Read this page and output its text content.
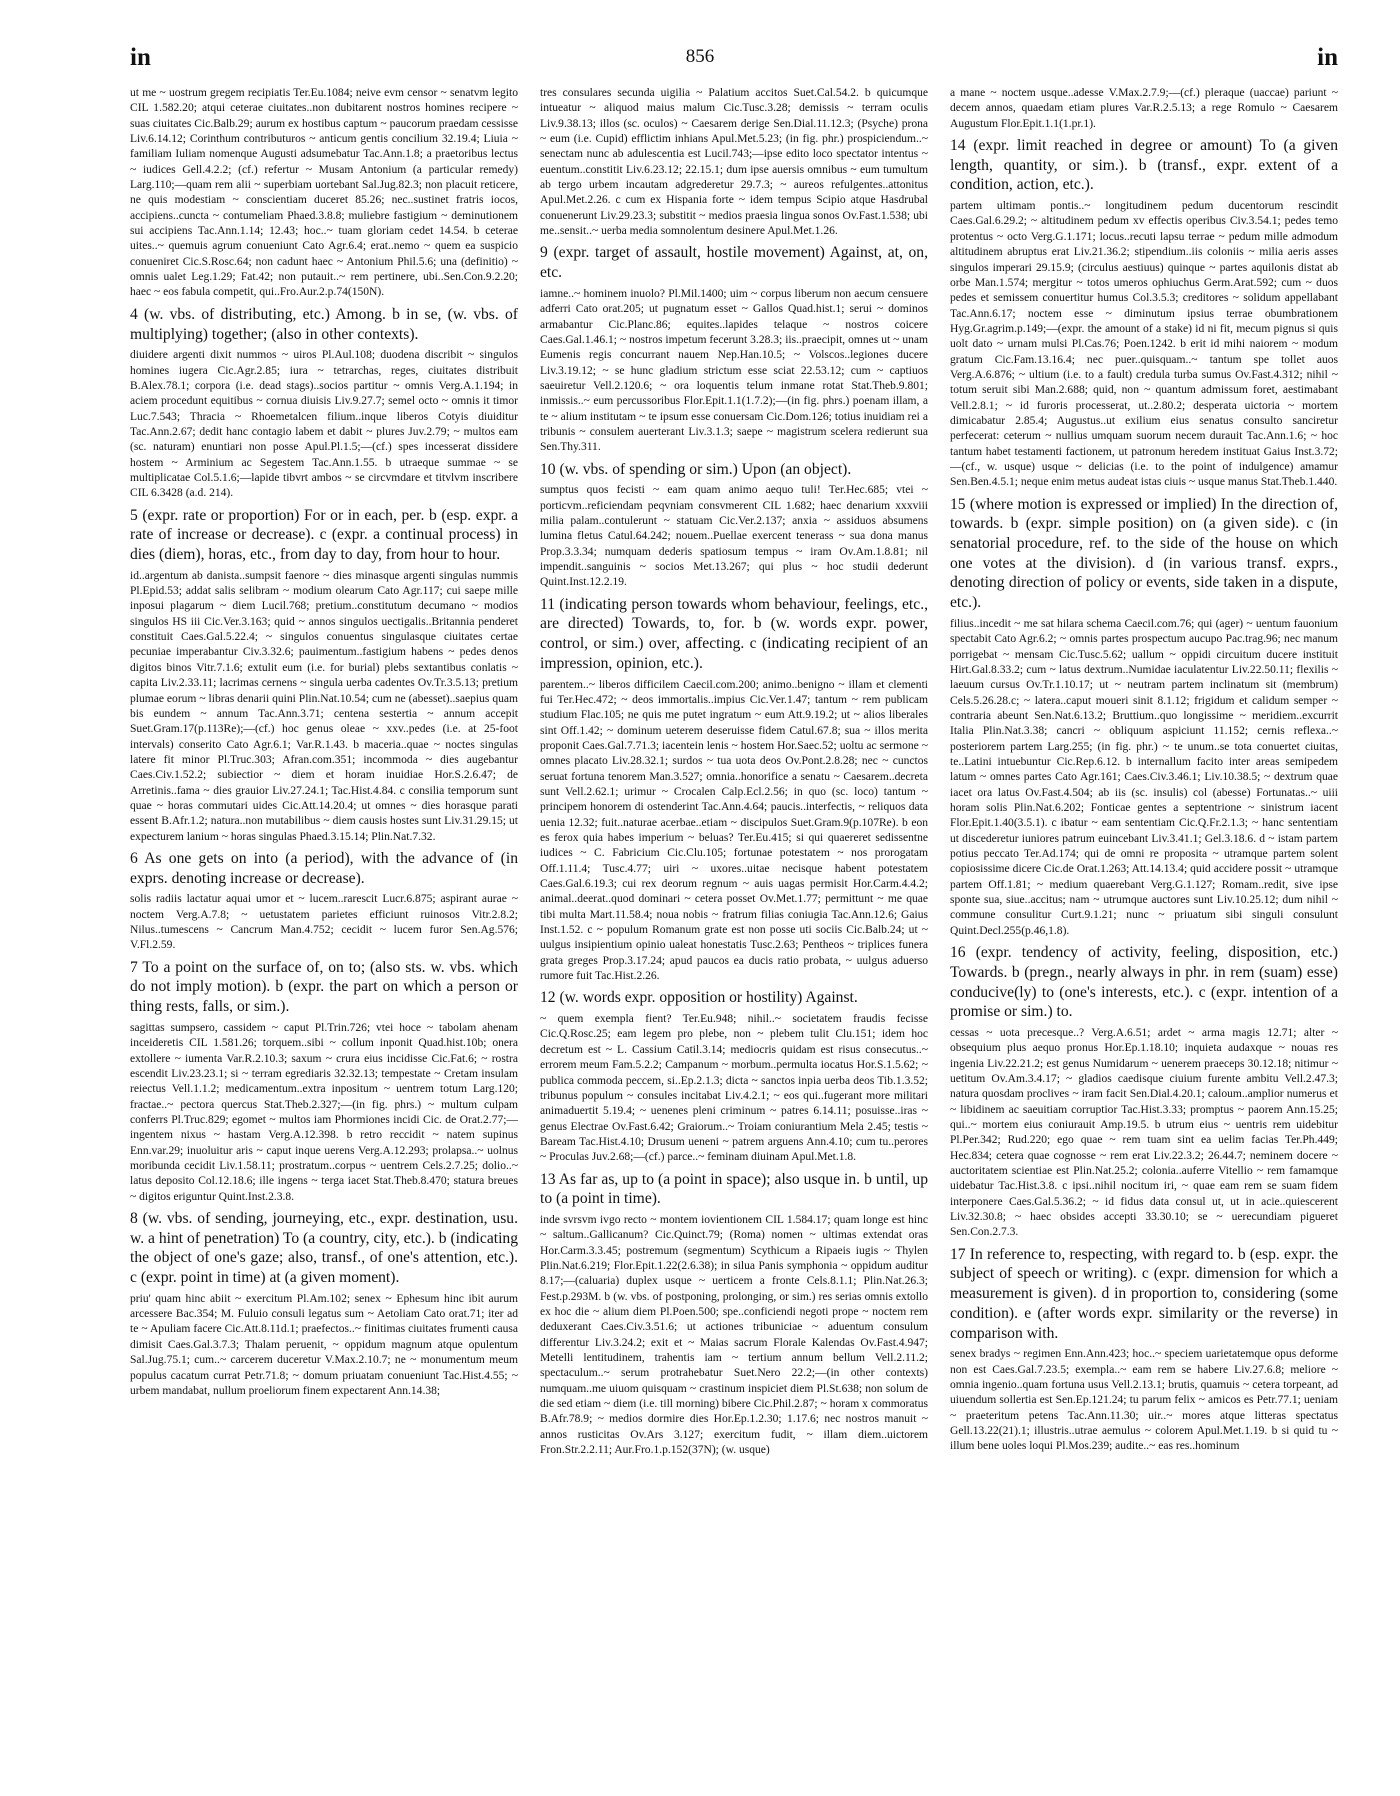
in	856	in

ut me ~ uostrum gregem recipiatis Ter.Eu.1084; neive evm censor ~ senatvm legito CIL 1.582.20; atqui ceterae ciuitates..non dubitarent nostros homines recipere ~ suas ciuitates Cic.Balb.29; aurum ex hostibus captum ~ paucorum praedam cessisse Liv.6.14.12; Corinthum contributuros ~ anticum gentis concilium 32.19.4; Liuia ~ familiam Iuliam nomenque Augusti adsumebatur Tac.Ann.1.8; a praetoribus lectus ~ iudices Gell.4.2.2; (cf.) refertur ~ Musam Antonium (a particular remedy) Larg.110;—quam rem alii ~ superbiam uortebant Sal.Jug.82.3; non placuit reticere, ne quis modestiam ~ conscientiam duceret 85.26; nec..sustinet fratris iocos, accipiens..cuncta ~ contumeliam Phaed.3.8.8; muliebre fastigium ~ deminutionem sui accipiens Tac.Ann.1.14; 12.43; hoc..~ tuam gloriam cedet 14.54. b ceterae uites..~ quemuis agrum conueniunt Cato Agr.6.4; erat..nemo ~ quem ea suspicio conueniret Cic.S.Rosc.64; non cadunt haec ~ Antonium Phil.5.6; una (definitio) ~ omnis ualet Leg.1.29; Fat.42; non putauit..~ rem pertinere, ubi..Sen.Con.9.2.20; haec ~ eos fabula competit, qui..Fro.Aur.2.p.74(150N).

4 (w. vbs. of distributing, etc.) Among. b in se, (w. vbs. of multiplying) together; (also in other contexts).

diuidere argenti dixit nummos ~ uiros Pl.Aul.108; duodena discribit ~ singulos homines iugera Cic.Agr.2.85; iura ~ tetrarchas, reges, ciuitates distribuit B.Alex.78.1; corpora (i.e. dead stags)..socios partitur ~ omnis Verg.A.1.194; in aciem procedunt equitibus ~ cornua diuisis Liv.9.27.7; semel octo ~ omnis it timor Luc.7.543; Thracia ~ Rhoemetalcen filium..inque liberos Cotyis diuiditur Tac.Ann.2.67; dedit hanc contagio labem et dabit ~ plures Juv.2.79; ~ multos eam (sc. naturam) enuntiari non posse Apul.Pl.1.5;—(cf.) spes incesserat dissidere hostem ~ Arminium ac Segestem Tac.Ann.1.55. b utraeque summae ~ se multiplicatae Col.5.1.6;—lapide tibvrt ambos ~ se circvmdare et titvlvm inscribere CIL 6.3428 (a.d. 214).

5 (expr. rate or proportion) For or in each, per. b (esp. expr. a rate of increase or decrease). c (expr. a continual process) in dies (diem), horas, etc., from day to day, from hour to hour.

id..argentum ab danista..sumpsit faenore ~ dies minasque argenti singulas nummis Pl.Epid.53; addat salis selibram ~ modium olearum Cato Agr.117; cui saepe mille inposui plagarum ~ diem Lucil.768; pretium..constitutum decumano ~ modios singulos HS iii Cic.Ver.3.163; quid ~ annos singulos uectigalis..Britannia penderet constituit Caes.Gal.5.22.4; ~ singulos conuentus singulasque ciuitates certae pecuniae imperabantur Civ.3.32.6; pauimentum..fastigium habens ~ pedes denos digitos binos Vitr.7.1.6; extulit eum (i.e. for burial) plebs sextantibus conlatis ~ capita Liv.2.33.11; lacrimas cernens ~ singula uerba cadentes Ov.Tr.3.5.13; pretium plumae eorum ~ libras denarii quini Plin.Nat.10.54; cum ne (abesset)..saepius quam bis eundem ~ annum Tac.Ann.3.71; centena sestertia ~ annum accepit Suet.Gram.17(p.113Re);—(cf.) hoc genus oleae ~ xxv..pedes (i.e. at 25-foot intervals) conserito Cato Agr.6.1; Var.R.1.43. b maceria..quae ~ noctes singulas latere fit minor Pl.Truc.303; Afran.com.351; incommoda ~ dies augebantur Caes.Civ.1.52.2; subiectior ~ diem et horam inuidiae Hor.S.2.6.47; de Arretinis..fama ~ dies grauior Liv.27.24.1; Tac.Hist.4.84. c consilia temporum sunt quae ~ horas commutari uides Cic.Att.14.20.4; ut omnes ~ dies horasque parati essent B.Afr.1.2; natura..non mutabilibus ~ diem causis hostes sunt Liv.31.29.15; ut expecturem lanium ~ horas singulas Phaed.3.15.14; Plin.Nat.7.32.

6 As one gets on into (a period), with the advance of (in exprs. denoting increase or decrease).

solis radiis lactatur aquai umor et ~ lucem..rarescit Lucr.6.875; aspirant aurae ~ noctem Verg.A.7.8; ~ uetustatem parietes efficiunt ruinosos Vitr.2.8.2; Nilus..tumescens ~ Cancrum Man.4.752; cecidit ~ lucem furor Sen.Ag.576; V.Fl.2.59.

7 To a point on the surface of, on to; (also sts. w. vbs. which do not imply motion). b (expr. the part on which a person or thing rests, falls, or sim.).

sagittas sumpsero, cassidem ~ caput Pl.Trin.726; vtei hoce ~ tabolam ahenam inceideretis CIL 1.581.26; torquem..sibi ~ collum inponit Quad.hist.10b; onera extollere ~ iumenta Var.R.2.10.3; saxum ~ crura eius incidisse Cic.Fat.6; ~ rostra escendit Liv.23.23.1; si ~ terram egrediaris 32.32.13; tempestate ~ Cretam insulam reiectus Vell.1.1.2; medicamentum..extra inpositum ~ uentrem totum Larg.120; fractae..~ pectora quercus Stat.Theb.2.327;—(in fig. phrs.) ~ multum culpam conferrs Pl.Truc.829; egomet ~ multos iam Phormiones incidi Cic. de Orat.2.77;—ingentem nixus ~ hastam Verg.A.12.398. b retro reccidit ~ natem supinus Enn.var.29; inuoluitur aris ~ caput inque uerens Verg.A.12.293; prolapsa..~ uolnus moribunda cecidit Liv.1.58.11; prostratum..corpus ~ uentrem Cels.2.7.25; dolio..~ latus deposito Col.12.18.6; ille ingens ~ terga iacet Stat.Theb.8.470; statura breues ~ digitos eriguntur Quint.Inst.2.3.8.

8 (w. vbs. of sending, journeying, etc., expr. destination, usu. w. a hint of penetration) To (a country, city, etc.). b (indicating the object of one's gaze; also, transf., of one's attention, etc.). c (expr. point in time) at (a given moment).

priu' quam hinc abiit ~ exercitum Pl.Am.102; senex ~ Ephesum hinc ibit aurum arcessere Bac.354; M. Fuluio consuli legatus sum ~ Aetoliam Cato orat.71; iter ad te ~ Apuliam facere Cic.Att.8.11d.1; praefectos..~ finitimas ciuitates frumenti causa dimisit Caes.Gal.3.7.3; Thalam peruenit, ~ oppidum magnum atque opulentum Sal.Jug.75.1; cum..~ carcerem duceretur V.Max.2.10.7; ne ~ monumentum meum populus cacatum currat Petr.71.8; ~ domum priuatam conueniunt Tac.Hist.4.55; ~ urbem mandabat, nullum proeliorum finem expectarent Ann.14.38;

tres consulares secunda uigilia ~ Palatium accitos Suet.Cal.54.2. b quicumque intueatur ~ aliquod maius malum Cic.Tusc.3.28; demissis ~ terram oculis Liv.9.38.13; illos (sc. oculos) ~ Caesarem derige Sen.Dial.11.12.3; (Psyche) prona ~ eum (i.e. Cupid) efflictim inhians Apul.Met.5.23; (in fig. phr.) prospiciendum..~ senectam nunc ab adulescentia est Lucil.743;—ipse edito loco spectator intentus ~ euentum..constitit Liv.6.23.12; 22.15.1; dum ipse auersis omnibus ~ eum tumultum ab tergo urbem incautam adgrederetur 29.7.3; ~ aureos refulgentes..attonitus Apul.Met.2.26. c cum ex Hispania forte ~ idem tempus Scipio atque Hasdrubal conuenerunt Liv.29.23.3; substitit ~ medios praesia lingua sonos Ov.Fast.1.538; ubi me..sensit..~ uerba media somnolentum desinere Apul.Met.1.26.

9 (expr. target of assault, hostile movement) Against, at, on, etc.

iamne..~ hominem inuolo? Pl.Mil.1400; uim ~ corpus liberum non aecum censuere adferri Cato orat.205; ut pugnatum esset ~ Gallos Quad.hist.1; serui ~ dominos armabantur Cic.Planc.86; equites..lapides telaque ~ nostros coicere Caes.Gal.1.46.1; ~ nostros impetum fecerunt 3.28.3; iis..praecipit, omnes ut ~ unam Eumenis regis concurrant nauem Nep.Han.10.5; ~ Volscos..legiones ducere Liv.3.19.12; ~ se hunc gladium strictum esse sciat 22.53.12; cum ~ captiuos saeuiretur Vell.2.120.6; ~ ora loquentis telum inmane rotat Stat.Theb.9.801; inmissis..~ eum percussoribus Flor.Epit.1.1(1.7.2);—(in fig. phrs.) poenam illam, a te ~ alium institutam ~ te ipsum esse conuersam Cic.Dom.126; totius inuidiam rei a tribunis ~ consulem auerterant Liv.3.1.3; saepe ~ magistrum scelera redierunt sua Sen.Thy.311.

10 (w. vbs. of spending or sim.) Upon (an object).

sumptus quos fecisti ~ eam quam animo aequo tuli! Ter.Hec.685; vtei ~ porticvm..reficiendam peqvniam consvmerent CIL 1.682; haec denarium xxxviii milia palam..contulerunt ~ statuam Cic.Ver.2.137; anxia ~ assiduos absumens lumina fletus Catul.64.242; nouem..Puellae exercent tenerass ~ sua dona manus Prop.3.3.34; numquam dederis spatiosum tempus ~ iram Ov.Am.1.8.81; nil impendit..sanguinis ~ socios Met.13.267; qui plus ~ hoc studii dederunt Quint.Inst.12.2.19.

11 (indicating person towards whom behaviour, feelings, etc., are directed) Towards, to, for. b (w. words expr. power, control, or sim.) over, affecting. c (indicating recipient of an impression, opinion, etc.).

parentem..~ liberos difficilem Caecil.com.200; animo..benigno ~ illam et clementi fui Ter.Hec.472; ~ deos immortalis..impius Cic.Ver.1.47; tantum ~ rem publicam studium Flac.105; ne quis me putet ingratum ~ eum Att.9.19.2; ut ~ alios liberales sint Off.1.42; ~ dominum ueterem deseruisse fidem Catul.67.8; sua ~ illos merita proponit Caes.Gal.7.71.3; iacentein lenis ~ hostem Hor.Saec.52; uoltu ac sermone ~ omnes placato Liv.28.32.1; surdos ~ tua uota deos Ov.Pont.2.8.28; nec ~ cunctos seruat fortuna tenorem Man.3.527; omnia..honorifice a senatu ~ Caesarem..decreta sunt Vell.2.62.1; urimur ~ Crocalen Calp.Ecl.2.56; in quo (sc. loco) tantum ~ principem honorem di ostenderint Tac.Ann.4.64; paucis..interfectis, ~ reliquos data uenia 12.32; fuit..naturae acerbae..etiam ~ discipulos Suet.Gram.9(p.107Re). b eon es ferox quia habes imperium ~ beluas? Ter.Eu.415; si qui quaereret sedissentne iudices ~ C. Fabricium Cic.Clu.105; fortunae potestatem ~ nos prorogatam Off.1.11.4; Tusc.4.77; uiri ~ uxores..uitae necisque habent potestatem Caes.Gal.6.19.3; cui rex deorum regnum ~ auis uagas permisit Hor.Carm.4.4.2; animal..deerat..quod dominari ~ cetera posset Ov.Met.1.77; permittunt ~ me quae tibi multa Mart.11.58.4; noua nobis ~ fratrum filias coniugia Tac.Ann.12.6; Gaius Inst.1.52. c ~ populum Romanum grate est non posse uti sociis Cic.Balb.24; ut ~ uulgus insipientium opinio ualeat honestatis Tusc.2.63; Pentheos ~ triplices funera grata greges Prop.3.17.24; apud paucos ea ducis ratio probata, ~ uulgus aduerso rumore fuit Tac.Hist.2.26.

12 (w. words expr. opposition or hostility) Against.

~ quem exempla fient? Ter.Eu.948; nihil..~ societatem fraudis fecisse Cic.Q.Rosc.25; eam legem pro plebe, non ~ plebem tulit Clu.151; idem hoc decretum est ~ L. Cassium Catil.3.14; mediocris quidam est risus consecutus..~ errorem meum Fam.5.2.2; Campanum ~ morbum..permulta iocatus Hor.S.1.5.62; ~ publica commoda peccem, si..Ep.2.1.3; dicta ~ sanctos inpia uerba deos Tib.1.3.52; tribunus populum ~ consules incitabat Liv.4.2.1; ~ eos qui..fugerant more militari animaduertit 5.19.4; ~ uenenes pleni criminum ~ patres 6.14.11; posuisse..iras ~ genus Electrae Ov.Fast.6.42; Graiorum..~ Troiam coniurantium Mela 2.45; testis ~ Baream Tac.Hist.4.10; Drusum ueneni ~ patrem arguens Ann.4.10; cum tu..perores ~ Proculas Juv.2.68;—(cf.) parce..~ feminam diuinam Apul.Met.1.8.

13 As far as, up to (a point in space); also usque in. b until, up to (a point in time).

inde svrsvm ivgo recto ~ montem iovientionem CIL 1.584.17; quam longe est hinc ~ saltum..Gallicanum? Cic.Quinct.79; (Roma) nomen ~ ultimas extendat oras Hor.Carm.3.3.45; postremum (segmentum) Scythicum a Ripaeis iugis ~ Thylen Plin.Nat.6.219; Flor.Epit.1.22(2.6.38); in silua Panis symphonia ~ oppidum auditur 8.17;—(caluaria) duplex usque ~ uerticem a fronte Cels.8.1.1; Plin.Nat.26.3; Fest.p.293M. b (w. vbs. of postponing, prolonging, or sim.) res serias omnis extollo ex hoc die ~ alium diem Pl.Poen.500; spe..conficiendi negoti prope ~ noctem rem deduxerant Caes.Civ.3.51.6; ut actiones tribuniciae ~ aduentum consulum differentur Liv.3.24.2; exit et ~ Maias sacrum Florale Kalendas Ov.Fast.4.947; Metelli lentitudinem, trahentis iam ~ tertium annum bellum Vell.2.11.2; spectaculum..~ serum protrahebatur Suet.Nero 22.2;—(in other contexts) numquam..me uiuom quisquam ~ crastinum inspiciet diem Pl.St.638; non solum de die sed etiam ~ diem (i.e. till morning) bibere Cic.Phil.2.87; ~ horam x commoratus B.Afr.78.9; ~ medios dormire dies Hor.Ep.1.2.30; 1.17.6; nec nostros manuit ~ annos rusticitas Ov.Ars 3.127; exercitum fudit, ~ illam diem..uictorem Fron.Str.2.2.11; Aur.Fro.1.p.152(37N); (w. usque)

a mane ~ noctem usque..adesse V.Max.2.7.9;—(cf.) pleraque (uaccae) pariunt ~ decem annos, quaedam etiam plures Var.R.2.5.13; a rege Romulo ~ Caesarem Augustum Flor.Epit.1.1(1.pr.1).

14 (expr. limit reached in degree or amount) To (a given length, quantity, or sim.). b (transf., expr. extent of a condition, action, etc.).

partem ultimam pontis..~ longitudinem pedum ducentorum rescindit Caes.Gal.6.29.2; ~ altitudinem pedum xv effectis operibus Civ.3.54.1; pedes temo protentus ~ octo Verg.G.1.171; locus..recuti lapsu terrae ~ pedum mille admodum altitudinem abruptus erat Liv.21.36.2; stipendium..iis coloniis ~ milia aeris asses singulos imperari 29.15.9; (circulus aestiuus) quinque ~ partes aquilonis distat ab orbe Man.1.574; mergitur ~ totos umeros ophiuchus Germ.Arat.592; cum ~ duos pedes et semissem conuertitur humus Col.3.5.3; creditores ~ solidum appellabant Tac.Ann.6.17; noctem esse ~ diminutum ipsius terrae obumbrationem Hyg.Gr.agrim.p.149;—(expr. the amount of a stake) id ni fit, mecum pignus si quis uolt dato ~ urnam mulsi Pl.Cas.76; Poen.1242. b erit id mihi naiorem ~ modum gratum Cic.Fam.13.16.4; nec puer..quisquam..~ tantum spe tollet auos Verg.A.6.876; ~ ultium (i.e. to a fault) credula turba sumus Ov.Fast.4.312; nihil ~ totum seruit sibi Man.2.688; quid, non ~ quantum admissum foret, aestimabant Vell.2.8.1; ~ id furoris processerat, ut..2.80.2; desperata uictoria ~ mortem dimicabatur 2.85.4; Augustus..ut exilium eius senatus consulto sanciretur perfecerat: ceterum ~ nullius umquam suorum necem durauit Tac.Ann.1.6; ~ hoc tantum habet testamenti factionem, ut patronum heredem instituat Gaius Inst.3.72;—(cf., w. usque) usque ~ delicias (i.e. to the point of indulgence) amamur Sen.Ben.4.5.1; neque enim metus audeat istas ciuis ~ usque manus Stat.Theb.1.440.

15 (where motion is expressed or implied) In the direction of, towards. b (expr. simple position) on (a given side). c (in senatorial procedure, ref. to the side of the house on which one votes at the division). d (in various transf. exprs., denoting direction of policy or events, side taken in a dispute, etc.).

filius..incedit ~ me sat hilara schema Caecil.com.76; qui (ager) ~ uentum fauonium spectabit Cato Agr.6.2; ~ omnis partes prospectum aucupo Pac.trag.96; nec manum porrigebat ~ mensam Cic.Tusc.5.62; uallum ~ oppidi circuitum ducere instituit Hirt.Gal.8.33.2; cum ~ latus dextrum..Numidae iaculatentur Liv.22.50.11; flexilis ~ laeuum cursus Ov.Tr.1.10.17; ut ~ neutram partem inclinatum sit (membrum) Cels.5.26.28.c; ~ latera..caput moueri sinit 8.1.12; frigidum et calidum semper ~ contraria abeunt Sen.Nat.6.13.2; Bruttium..quo longissime ~ meridiem..excurrit Italia Plin.Nat.3.38; cancri ~ obliquum aspiciunt 11.152; cernis reflexa..~ posteriorem partem Larg.255; (in fig. phr.) ~ te unum..se tota conuertet ciuitas, te..Latini intuebuntur Cic.Rep.6.12. b internallum facito inter areas semipedem latum ~ omnes partes Cato Agr.161; Caes.Civ.3.46.1; Liv.10.38.5; ~ dextrum quae iacet ora latus Ov.Fast.4.504; ab iis (sc. insulis) col (abesse) Fortunatas..~ uiii horam solis Plin.Nat.6.202; Fonticae gentes a septentrione ~ sinistrum iacent Flor.Epit.1.40(3.5.1). c ibatur ~ eam sententiam Cic.Q.Fr.2.1.3; ~ hanc sententiam ut discederetur iuniores patrum euincebant Liv.3.41.1; Gel.3.18.6. d ~ istam partem potius peccato Ter.Ad.174; qui de omni re proposita ~ utramque partem solent copiosissime dicere Cic.de Orat.1.263; Att.14.13.4; quid accidere possit ~ utramque partem Off.1.81; ~ medium quaerebant Verg.G.1.127; Romam..redit, sive ipse sponte sua, siue..accitus; nam ~ utrumque auctores sunt Liv.10.25.12; dum nihil ~ commune consulitur Curt.9.1.21; nunc ~ priuatum sibi singuli consulunt Quint.Decl.255(p.46,1.8).

16 (expr. tendency of activity, feeling, disposition, etc.) Towards. b (pregn., nearly always in phr. in rem (suam) esse) conducive(ly) to (one's interests, etc.). c (expr. intention of a promise or sim.) to.

cessas ~ uota precesque..? Verg.A.6.51; ardet ~ arma magis 12.71; alter ~ obsequium plus aequo pronus Hor.Ep.1.18.10; inquieta audaxque ~ nouas res ingenia Liv.22.21.2; est genus Numidarum ~ uenerem praeceps 30.12.18; nitimur ~ uetitum Ov.Am.3.4.17; ~ gladios caedisque ciuium furente ambitu Vell.2.47.3; natura quosdam proclives ~ iram facit Sen.Dial.4.20.1; caloum..amplior numerus et ~ libidinem ac saeuitiam corruptior Tac.Hist.3.33; promptus ~ paorem Ann.15.25; qui..~ mortem eius coniurauit Amp.19.5. b utrum eius ~ uentris rem uidebitur Pl.Per.342; Rud.220; ego quae ~ rem tuam sint ea uelim facias Ter.Ph.449; Hec.834; cetera quae cognosse ~ rem erat Liv.22.3.2; 26.44.7; neminem docere ~ auctoritatem scientiae est Plin.Nat.25.2; colonia..auferre Vitellio ~ rem famamque uidebatur Tac.Hist.3.8. c ipsi..nihil nocitum iri, ~ quae eam rem se suam fidem interponere Caes.Gal.5.36.2; ~ id fidus data consul ut, ut in acie..quiescerent Liv.32.30.8; ~ haec obsides accepti 33.30.10; se ~ uerecundiam pigueret Sen.Con.2.7.3.

17 In reference to, respecting, with regard to. b (esp. expr. the subject of speech or writing). c (expr. dimension for which a measurement is given). d in proportion to, considering (some condition). e (after words expr. similarity or the reverse) in comparison with.

senex bradys ~ regimen Enn.Ann.423; hoc..~ speciem uarietatemque opus deforme non est Caes.Gal.7.23.5; exempla..~ eam rem se habere Liv.27.6.8; meliore ~ omnia ingenio..quam fortuna usus Vell.2.13.1; brutis, quamuis ~ cetera torpeant, ad uiuendum sollertia est Sen.Ep.121.24; tu parum felix ~ amicos es Petr.77.1; ueniam ~ praeteritum petens Tac.Ann.11.30; uir..~ mores atque litteras spectatus Gell.13.22(21).1; illustris..utrae aemulus ~ colorem Apul.Met.1.19. b si quid tu ~ illum bene uoles loqui Pl.Mos.239; audite..~ eas res..hominum
